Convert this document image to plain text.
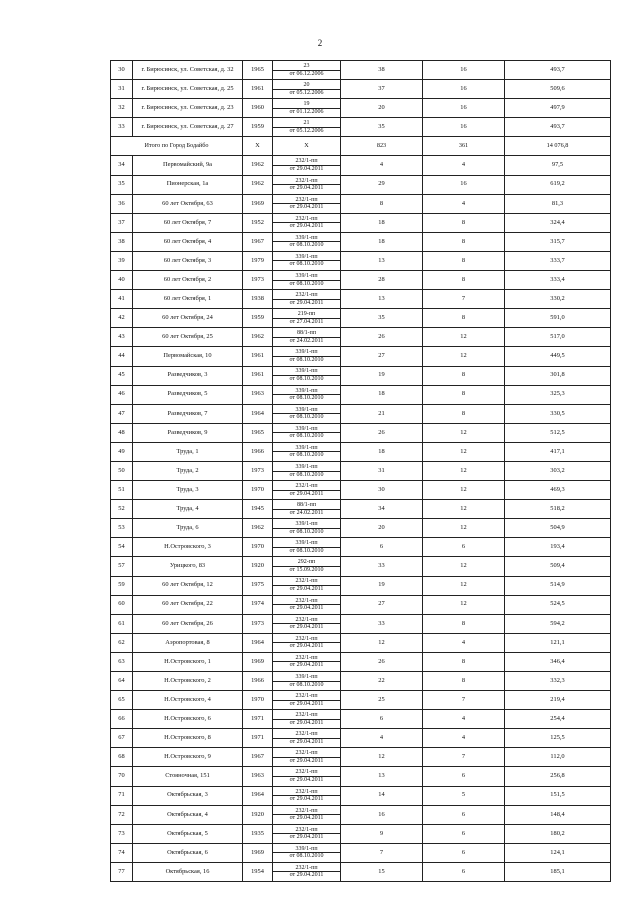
2
30	г. Бирюсинск, ул. Советская, д. 32	1965	23
от 06.12.2006	38	16	493,7
31	г. Бирюсинск, ул. Советская, д. 25	1961	20
от 05.12.2006	37	16	509,6
32	г. Бирюсинск, ул. Советская, д. 23	1960	19
от 01.12.2006	20	16	497,9
33	г. Бирюсинск, ул. Советская, д. 27	1959	21
от 05.12.2006	35	16	493,7
Итого по Город Бодайбо		X	X	823	361	14 076,8
34	Первомайский, 9а	1962	232/1-пп
от 29.04.2011	4	4	97,5
35	Пионерская, 1а	1962	232/1-пп
от 29.04.2011	29	16	619,2
36	60 лет Октября, 63	1969	232/1-пп
от 29.04.2011	8	4	81,3
37	60 лет Октября, 7	1952	232/1-пп
от 29.04.2011	18	8	324,4
38	60 лет Октября, 4	1967	339/1-пп
от 08.10.2010	18	8	315,7
39	60 лет Октября, 3	1979	339/1-пп
от 08.10.2010	13	8	333,7
40	60 лет Октября, 2	1973	339/1-пп
от 08.10.2010	28	8	333,4
41	60 лет Октября, 1	1938	232/1-пп
от 29.04.2011	13	7	330,2
42	60 лет Октября, 24	1959	219-пп
от 27.04.2011	35	8	591,0
43	60 лет Октября, 25	1962	88/1-пп
от 24.02.2011	26	12	517,0
44	Первомайская, 10	1961	339/1-пп
от 08.10.2010	27	12	449,5
45	Разведчиков, 3	1961	339/1-пп
от 08.10.2010	19	8	301,8
46	Разведчиков, 5	1963	339/1-пп
от 08.10.2010	18	8	325,3
47	Разведчиков, 7	1964	339/1-пп
от 08.10.2010	21	8	330,5
48	Разведчиков, 9	1965	339/1-пп
от 08.10.2010	26	12	512,5
49	Труда, 1	1966	339/1-пп
от 08.10.2010	18	12	417,1
50	Труда, 2	1973	339/1-пп
от 08.10.2010	31	12	303,2
51	Труда, 3	1970	232/1-пп
от 29.04.2011	30	12	469,3
52	Труда, 4	1945	88/1-пп
от 24.02.2011	34	12	518,2
53	Труда, 6	1962	339/1-пп
от 08.10.2010	20	12	504,9
54	Н.Островского, 3	1970	339/1-пп
от 08.10.2010	6	6	193,4
57	Урицкого, 83	1920	292-пп
от 15.09.2010	33	12	509,4
59	60 лет Октября, 12	1975	232/1-пп
от 29.04.2011	19	12	514,9
60	60 лет Октября, 22	1974	232/1-пп
от 29.04.2011	27	12	524,5
61	60 лет Октября, 26	1973	232/1-пп
от 29.04.2011	33	8	594,2
62	Аэропортовая, 8	1964	232/1-пп
от 29.04.2011	12	4	121,1
63	Н.Островского, 1	1969	232/1-пп
от 29.04.2011	26	8	346,4
64	Н.Островского, 2	1966	339/1-пп
от 08.10.2010	22	8	332,3
65	Н.Островского, 4	1970	232/1-пп
от 29.04.2011	25	7	219,4
66	Н.Островского, 6	1971	232/1-пп
от 29.04.2011	6	4	254,4
67	Н.Островского, 8	1971	232/1-пп
от 29.04.2011	4	4	125,5
68	Н.Островского, 9	1967	232/1-пп
от 29.04.2011	12	7	112,0
70	Стояночная, 151	1963	232/1-пп
от 29.04.2011	13	6	256,8
71	Октябрьская, 3	1964	232/1-пп
от 29.04.2011	14	5	151,5
72	Октябрьская, 4	1920	232/1-пп
от 29.04.2011	16	6	148,4
73	Октябрьская, 5	1935	232/1-пп
от 29.04.2011	9	6	180,2
74	Октябрьская, 6	1969	339/1-пп
от 08.10.2010	7	6	124,1
77	Октябрьская, 16	1954	232/1-пп
от 29.04.2011	15	6	185,1
